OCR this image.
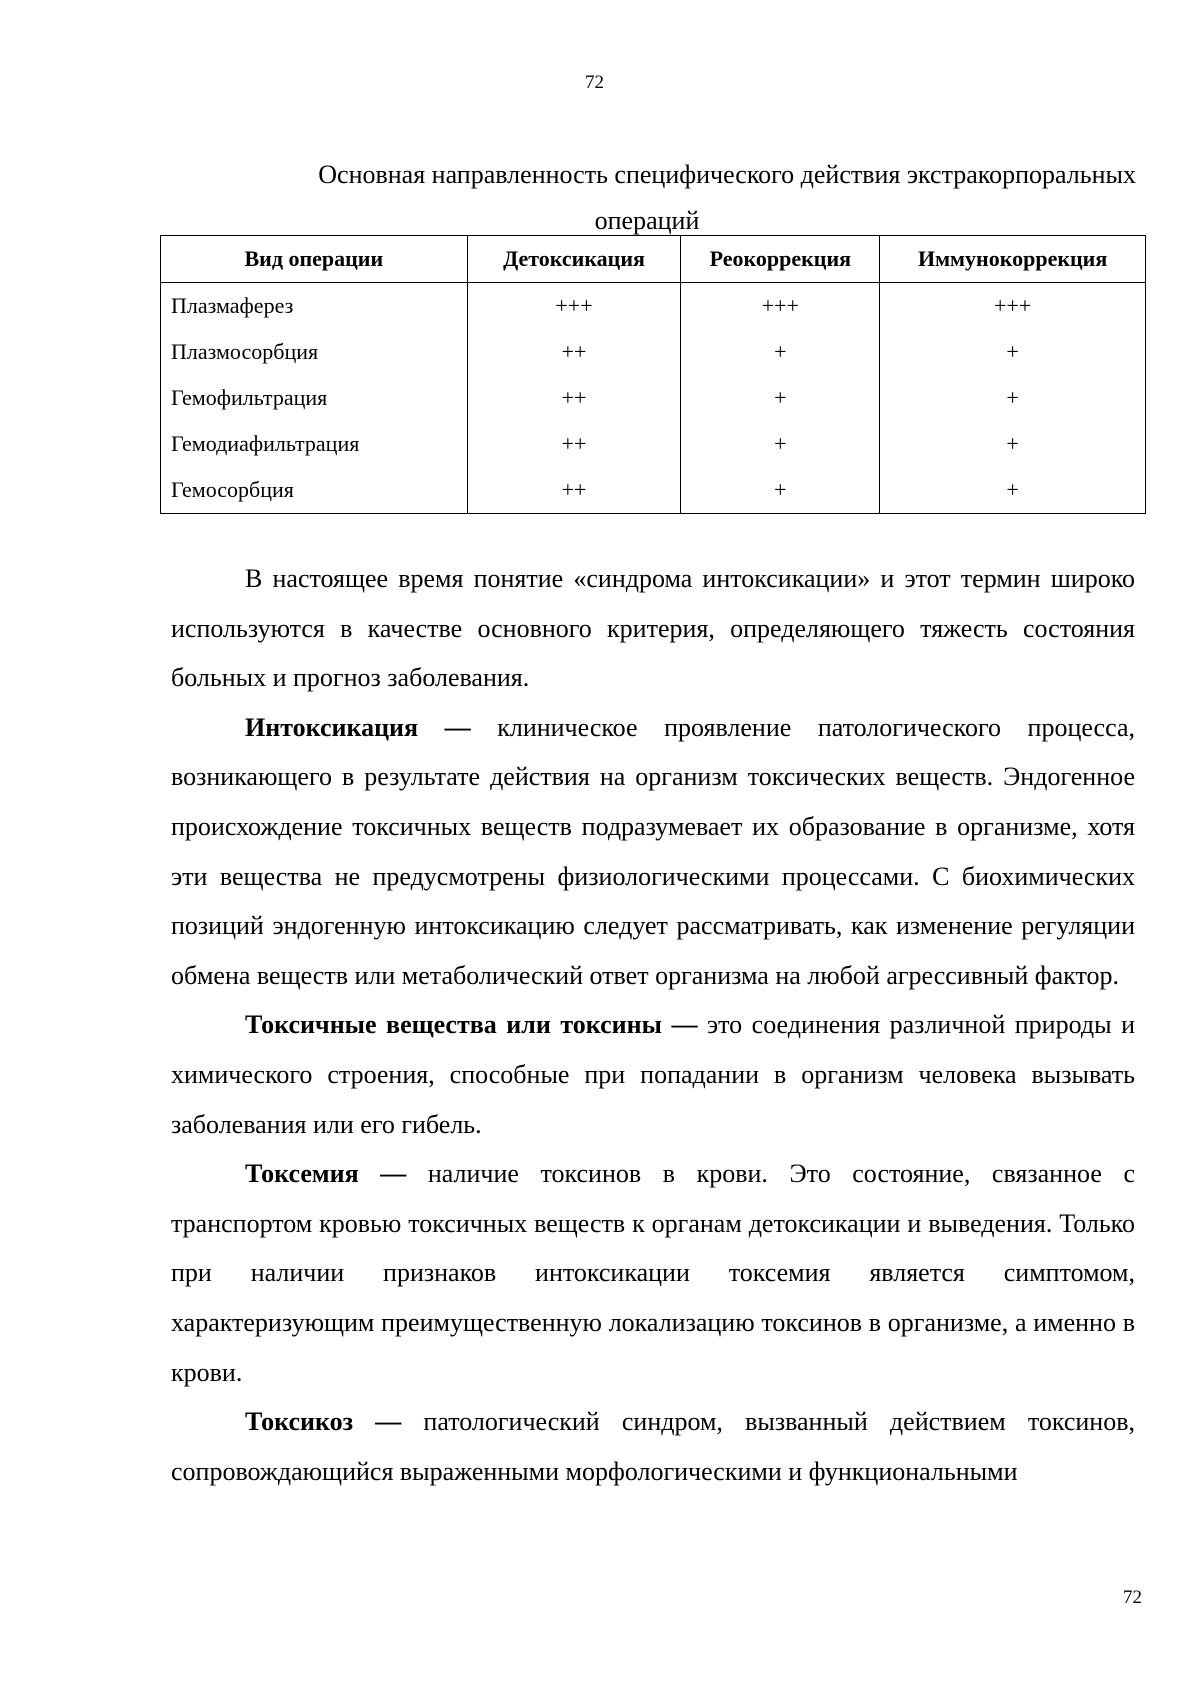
72
Основная направленность специфического действия экстракорпоральных
операций
Вид операции	Детоксикация	Реокоррекция	Иммунокоррекция
Плазмаферез	+++	+++	+++
Плазмосорбция	++	+	+
Гемофильтрация	++	+	+
Гемодиафильтрация	++	+	+
Гемосорбция	++	+	+

В настоящее время понятие «синдрома интоксикации» и этот термин широко используются в качестве основного критерия, определяющего тяжесть состояния больных и прогноз заболевания.

Интоксикация — клиническое проявление патологического процесса, возникающего в результате действия на организм токсических веществ. Эндогенное происхождение токсичных веществ подразумевает их образование в организме, хотя эти вещества не предусмотрены физиологическими процессами. С биохимических позиций эндогенную интоксикацию следует рассматривать, как изменение регуляции обмена веществ или метаболический ответ организма на любой агрессивный фактор.

Токсичные вещества или токсины — это соединения различной природы и химического строения, способные при попадании в организм человека вызывать заболевания или его гибель.

Токсемия — наличие токсинов в крови. Это состояние, связанное с транспортом кровью токсичных веществ к органам детоксикации и выведения. Только при наличии признаков интоксикации токсемия является симптомом, характеризующим преимущественную локализацию токсинов в организме, а именно в крови.

Токсикоз — патологический синдром, вызванный действием токсинов, сопровождающийся выраженными морфологическими и функциональными

72
